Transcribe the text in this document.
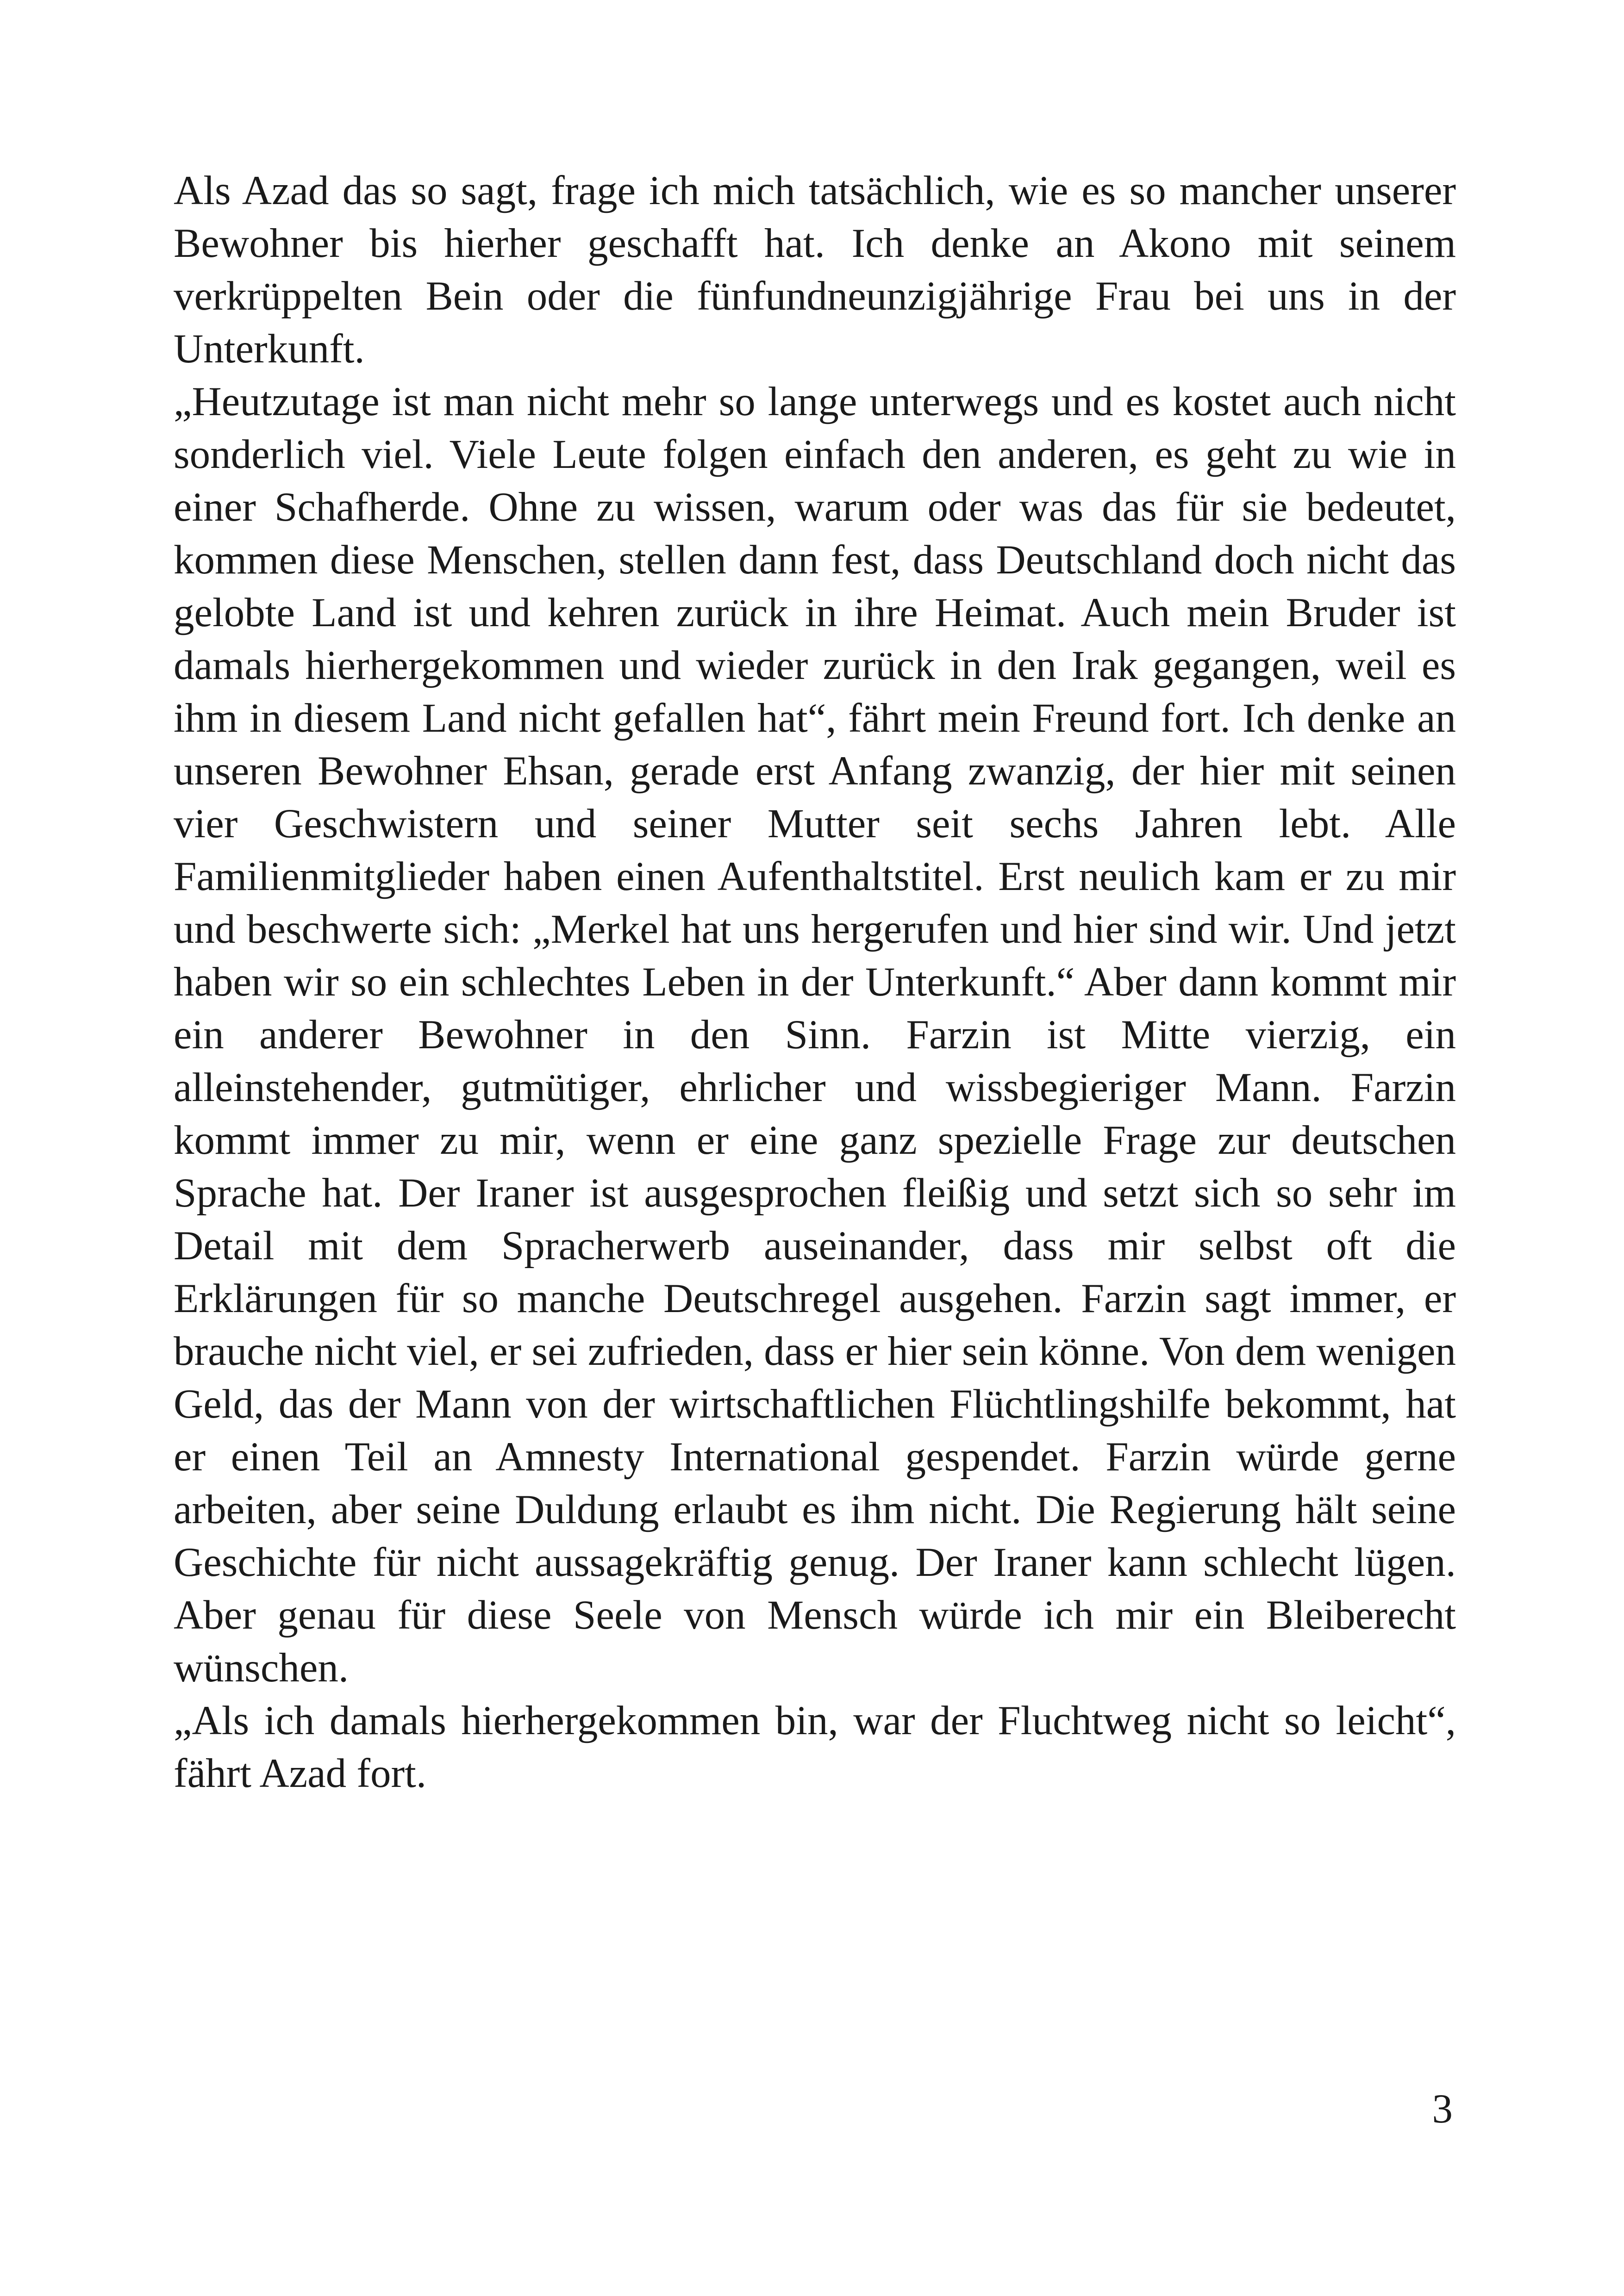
Als Azad das so sagt, frage ich mich tatsächlich, wie es so mancher unserer Bewohner bis hierher geschafft hat. Ich denke an Akono mit seinem verkrüppelten Bein oder die fünfundneunzigjährige Frau bei uns in der Unterkunft.

„Heutzutage ist man nicht mehr so lange unterwegs und es kostet auch nicht sonderlich viel. Viele Leute folgen einfach den anderen, es geht zu wie in einer Schafherde. Ohne zu wissen, warum oder was das für sie bedeutet, kommen diese Menschen, stellen dann fest, dass Deutschland doch nicht das gelobte Land ist und kehren zurück in ihre Heimat. Auch mein Bruder ist damals hierhergekommen und wieder zurück in den Irak gegangen, weil es ihm in diesem Land nicht gefallen hat“, fährt mein Freund fort. Ich denke an unseren Bewohner Ehsan, gerade erst Anfang zwanzig, der hier mit seinen vier Geschwistern und seiner Mutter seit sechs Jahren lebt. Alle Familienmitglieder haben einen Aufenthaltstitel. Erst neulich kam er zu mir und beschwerte sich: „Merkel hat uns hergerufen und hier sind wir. Und jetzt haben wir so ein schlechtes Leben in der Unterkunft.“ Aber dann kommt mir ein anderer Bewohner in den Sinn. Farzin ist Mitte vierzig, ein alleinstehender, gutmütiger, ehrlicher und wissbegieriger Mann. Farzin kommt immer zu mir, wenn er eine ganz spezielle Frage zur deutschen Sprache hat. Der Iraner ist ausgesprochen fleißig und setzt sich so sehr im Detail mit dem Spracherwerb auseinander, dass mir selbst oft die Erklärungen für so manche Deutschregel ausgehen. Farzin sagt immer, er brauche nicht viel, er sei zufrieden, dass er hier sein könne. Von dem wenigen Geld, das der Mann von der wirtschaftlichen Flüchtlingshilfe bekommt, hat er einen Teil an Amnesty International gespendet. Farzin würde gerne arbeiten, aber seine Duldung erlaubt es ihm nicht. Die Regierung hält seine Geschichte für nicht aussagekräftig genug. Der Iraner kann schlecht lügen. Aber genau für diese Seele von Mensch würde ich mir ein Bleiberecht wünschen.

„Als ich damals hierhergekommen bin, war der Fluchtweg nicht so leicht“, fährt Azad fort.

3
